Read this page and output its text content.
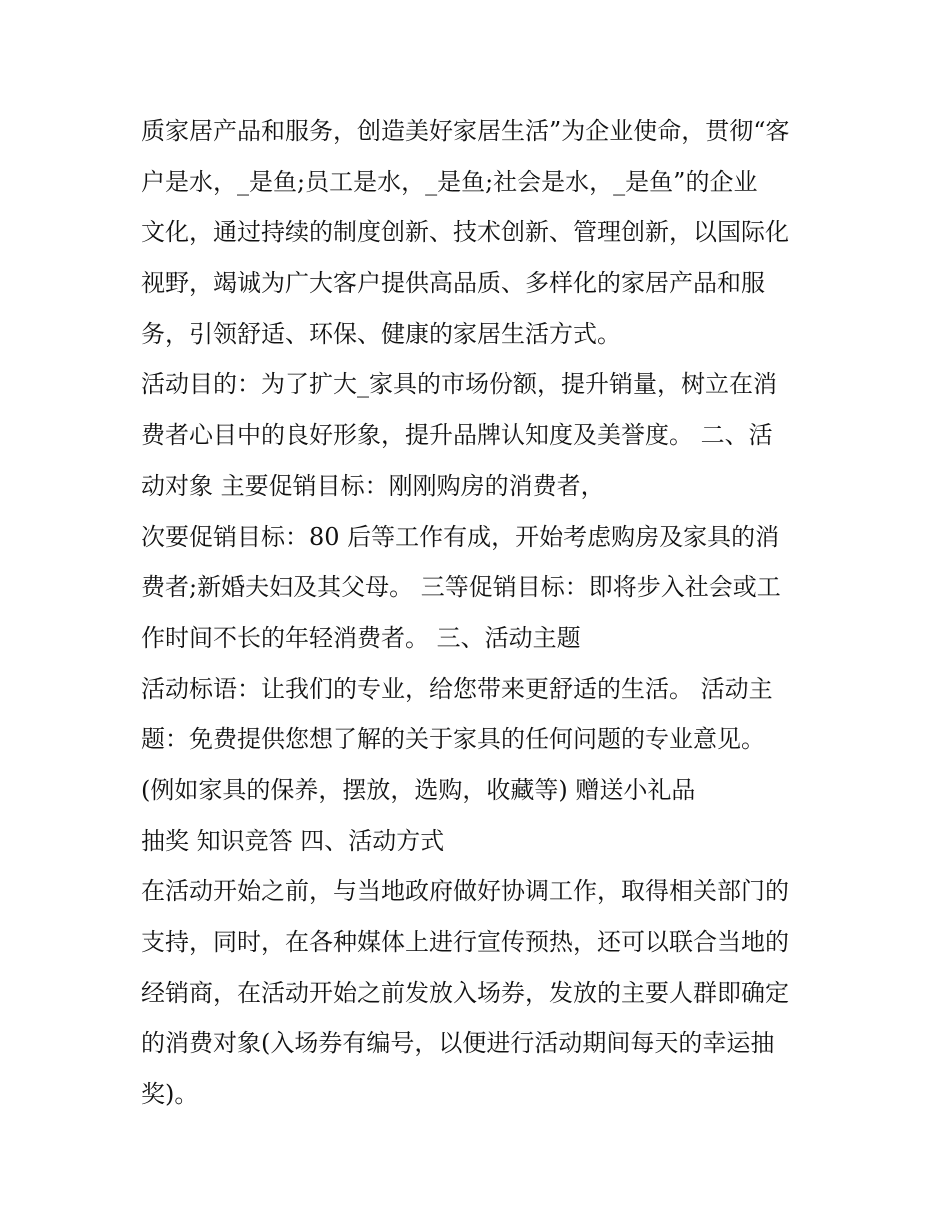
质家居产品和服务，创造美好家居生活”为企业使命，贯彻“客
户是水，_是鱼;员工是水，_是鱼;社会是水，_是鱼”的企业
文化，通过持续的制度创新、技术创新、管理创新，以国际化
视野，竭诚为广大客户提供高品质、多样化的家居产品和服
务，引领舒适、环保、健康的家居生活方式。
活动目的：为了扩大_家具的市场份额，提升销量，树立在消
费者心目中的良好形象，提升品牌认知度及美誉度。 二、活
动对象 主要促销目标：刚刚购房的消费者，
次要促销目标：80 后等工作有成，开始考虑购房及家具的消
费者;新婚夫妇及其父母。 三等促销目标：即将步入社会或工
作时间不长的年轻消费者。 三、活动主题
活动标语：让我们的专业，给您带来更舒适的生活。 活动主
题：免费提供您想了解的关于家具的任何问题的专业意见。
(例如家具的保养，摆放，选购，收藏等) 赠送小礼品
抽奖 知识竞答 四、活动方式
在活动开始之前，与当地政府做好协调工作，取得相关部门的
支持，同时，在各种媒体上进行宣传预热，还可以联合当地的
经销商，在活动开始之前发放入场券，发放的主要人群即确定
的消费对象(入场券有编号，以便进行活动期间每天的幸运抽
奖)。
